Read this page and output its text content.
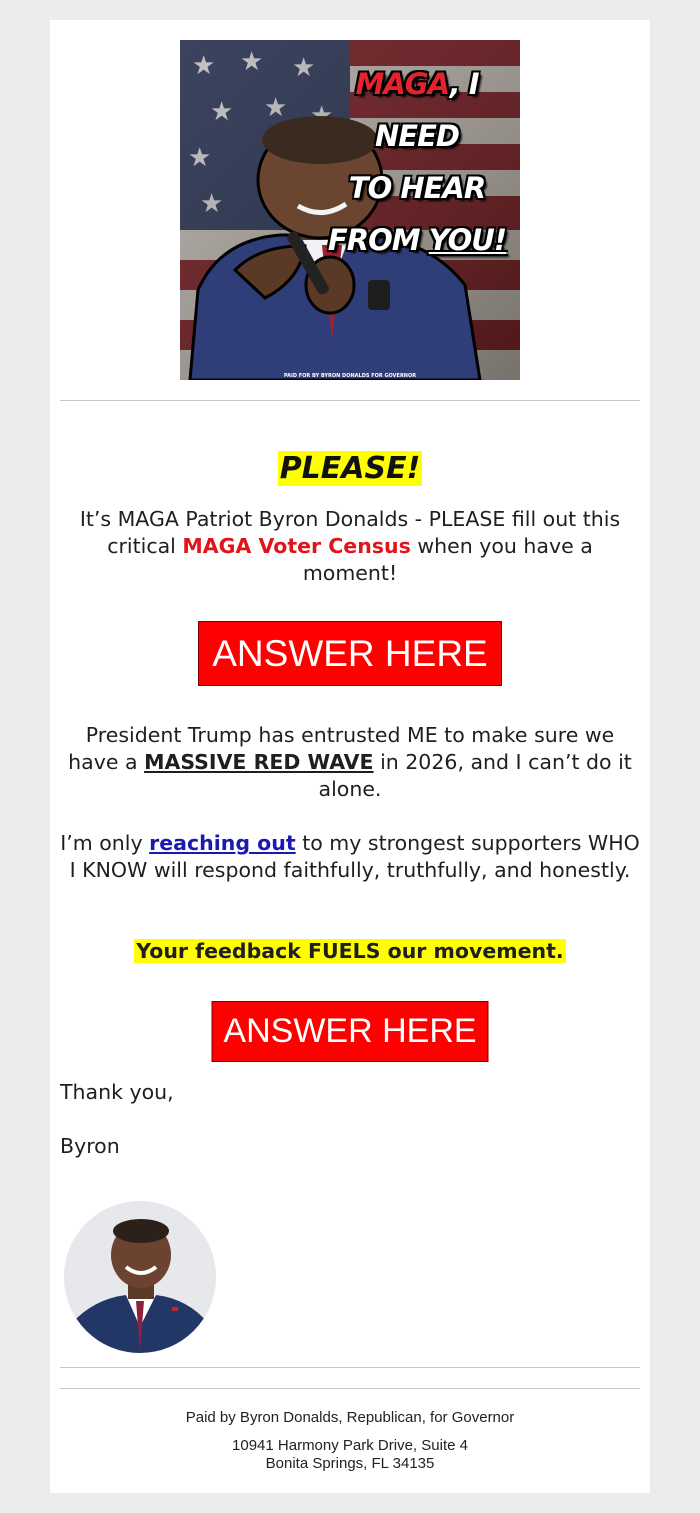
MAGA, I NEED
TO HEAR
FROM YOU!
PAID FOR BY BYRON DONALDS FOR GOVERNOR
PLEASE!
It’s MAGA Patriot Byron Donalds - PLEASE fill out this critical MAGA Voter Census when you have a moment!
ANSWER HERE
President Trump has entrusted ME to make sure we have a MASSIVE RED WAVE in 2026, and I can’t do it alone.
I’m only reaching out to my strongest supporters WHO I KNOW will respond faithfully, truthfully, and honestly.
Your feedback FUELS our movement.
ANSWER HERE
Thank you,
Byron
Paid by Byron Donalds, Republican, for Governor
10941 Harmony Park Drive, Suite 4
Bonita Springs, FL 34135
